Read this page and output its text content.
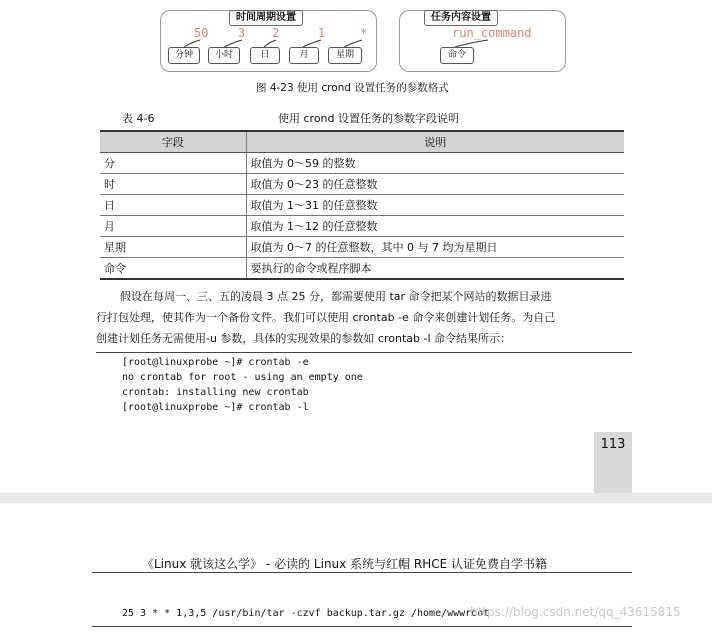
时间周期设置	任务内容设置
50 3 2	1	*	run_command
分钟	小时	日	月	星期	命令
图 4-23 使用 crond 设置任务的参数格式
表 4-6	使用 crond 设置任务的参数字段说明
字段	说明
分	取值为 0～59 的整数
时	取值为 0～23 的任意整数
日	取值为 1～31 的任意整数
月	取值为 1～12 的任意整数
星期	取值为 0～7 的任意整数，其中 0 与 7 均为星期日
命令	要执行的命令或程序脚本
假设在每周一、三、五的凌晨 3 点 25 分，都需要使用 tar 命令把某个网站的数据目录进
行打包处理，使其作为一个备份文件。我们可以使用 crontab -e 命令来创建计划任务。为自己
创建计划任务无需使用-u 参数，具体的实现效果的参数如 crontab -l 命令结果所示：
[root@linuxprobe ~]# crontab -e
no crontab for root - using an empty one
crontab: installing new crontab
[root@linuxprobe ~]# crontab -l
113
《Linux 就该这么学》 - 必读的 Linux 系统与红帽 RHCE 认证免费自学书籍
25 3 * * 1,3,5 /usr/bin/tar -czvf backup.tar.gz /home/wwwroot
https://blog.csdn.net/qq_43615815
